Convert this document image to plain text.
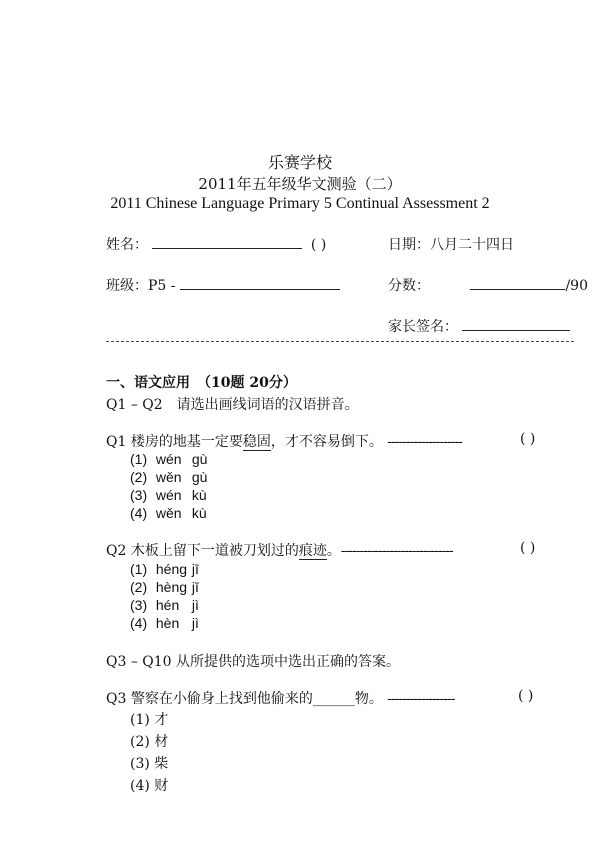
乐赛学校
2011年五年级华文测验（二）
2011 Chinese Language Primary 5 Continual Assessment 2
姓名：	( )	日期：八月二十四日
班级：P5 -	分数：	/90
家长签名：
一、语文应用　（10题 20分）
Q1 – Q2　请选出画线词语的汉语拼音。
Q1 楼房的地基一定要稳固，才不容易倒下。 --------------------	( )
(1) wén gù
(2) wěn gù
(3) wén kù
(4) wěn kù
Q2 木板上留下一道被刀划过的痕迹。------------------------------	( )
(1) héng jī
(2) hèng jī
(3) hén jì
(4) hèn jì
Q3 – Q10 从所提供的选项中选出正确的答案。
Q3 警察在小偷身上找到他偷来的______物。 ------------------	( )
(1) 才
(2) 材
(3) 柴
(4) 财
